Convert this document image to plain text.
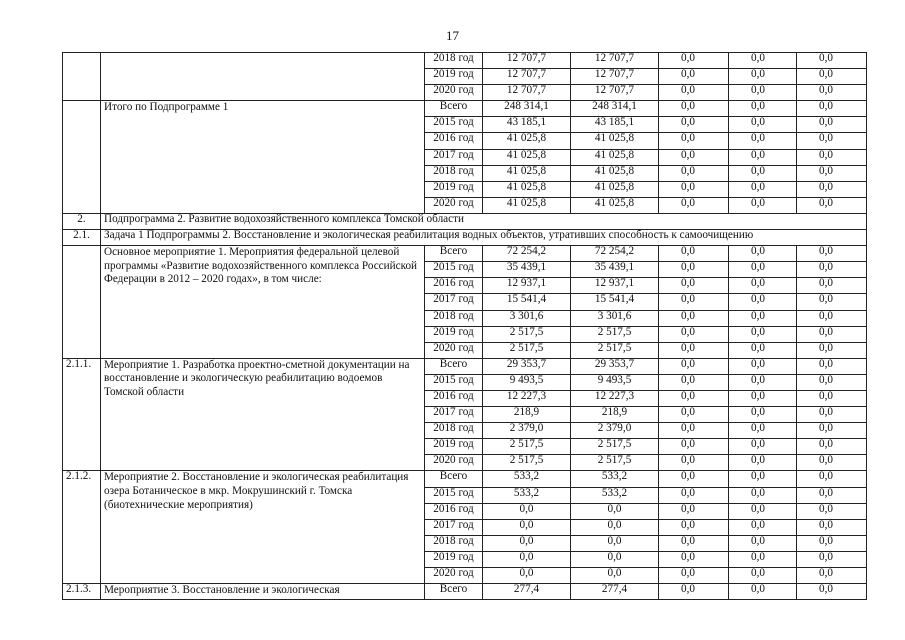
17
		2018 год	12 707,7	12 707,7	0,0	0,0	0,0
		2019 год	12 707,7	12 707,7	0,0	0,0	0,0
		2020 год	12 707,7	12 707,7	0,0	0,0	0,0
	Итого по Подпрограмме 1	Всего	248 314,1	248 314,1	0,0	0,0	0,0
		2015 год	43 185,1	43 185,1	0,0	0,0	0,0
		2016 год	41 025,8	41 025,8	0,0	0,0	0,0
		2017 год	41 025,8	41 025,8	0,0	0,0	0,0
		2018 год	41 025,8	41 025,8	0,0	0,0	0,0
		2019 год	41 025,8	41 025,8	0,0	0,0	0,0
		2020 год	41 025,8	41 025,8	0,0	0,0	0,0
2.	Подпрограмма 2. Развитие водохозяйственного комплекса Томской области						
2.1.	Задача 1 Подпрограммы 2. Восстановление и экологическая реабилитация водных объектов, утративших способность к самоочищению						
	Основное мероприятие 1. Мероприятия федеральной целевой программы «Развитие водохозяйственного комплекса Российской Федерации в 2012 – 2020 годах», в том числе:	Всего	72 254,2	72 254,2	0,0	0,0	0,0
		2015 год	35 439,1	35 439,1	0,0	0,0	0,0
		2016 год	12 937,1	12 937,1	0,0	0,0	0,0
		2017 год	15 541,4	15 541,4	0,0	0,0	0,0
		2018 год	3 301,6	3 301,6	0,0	0,0	0,0
		2019 год	2 517,5	2 517,5	0,0	0,0	0,0
		2020 год	2 517,5	2 517,5	0,0	0,0	0,0
2.1.1.	Мероприятие 1. Разработка проектно-сметной документации на восстановление и экологическую реабилитацию водоемов Томской области	Всего	29 353,7	29 353,7	0,0	0,0	0,0
		2015 год	9 493,5	9 493,5	0,0	0,0	0,0
		2016 год	12 227,3	12 227,3	0,0	0,0	0,0
		2017 год	218,9	218,9	0,0	0,0	0,0
		2018 год	2 379,0	2 379,0	0,0	0,0	0,0
		2019 год	2 517,5	2 517,5	0,0	0,0	0,0
		2020 год	2 517,5	2 517,5	0,0	0,0	0,0
2.1.2.	Мероприятие 2. Восстановление и экологическая реабилитация озера Ботаническое в мкр. Мокрушинский г. Томска (биотехнические мероприятия)	Всего	533,2	533,2	0,0	0,0	0,0
		2015 год	533,2	533,2	0,0	0,0	0,0
		2016 год	0,0	0,0	0,0	0,0	0,0
		2017 год	0,0	0,0	0,0	0,0	0,0
		2018 год	0,0	0,0	0,0	0,0	0,0
		2019 год	0,0	0,0	0,0	0,0	0,0
		2020 год	0,0	0,0	0,0	0,0	0,0
2.1.3.	Мероприятие 3. Восстановление и экологическая	Всего	277,4	277,4	0,0	0,0	0,0
